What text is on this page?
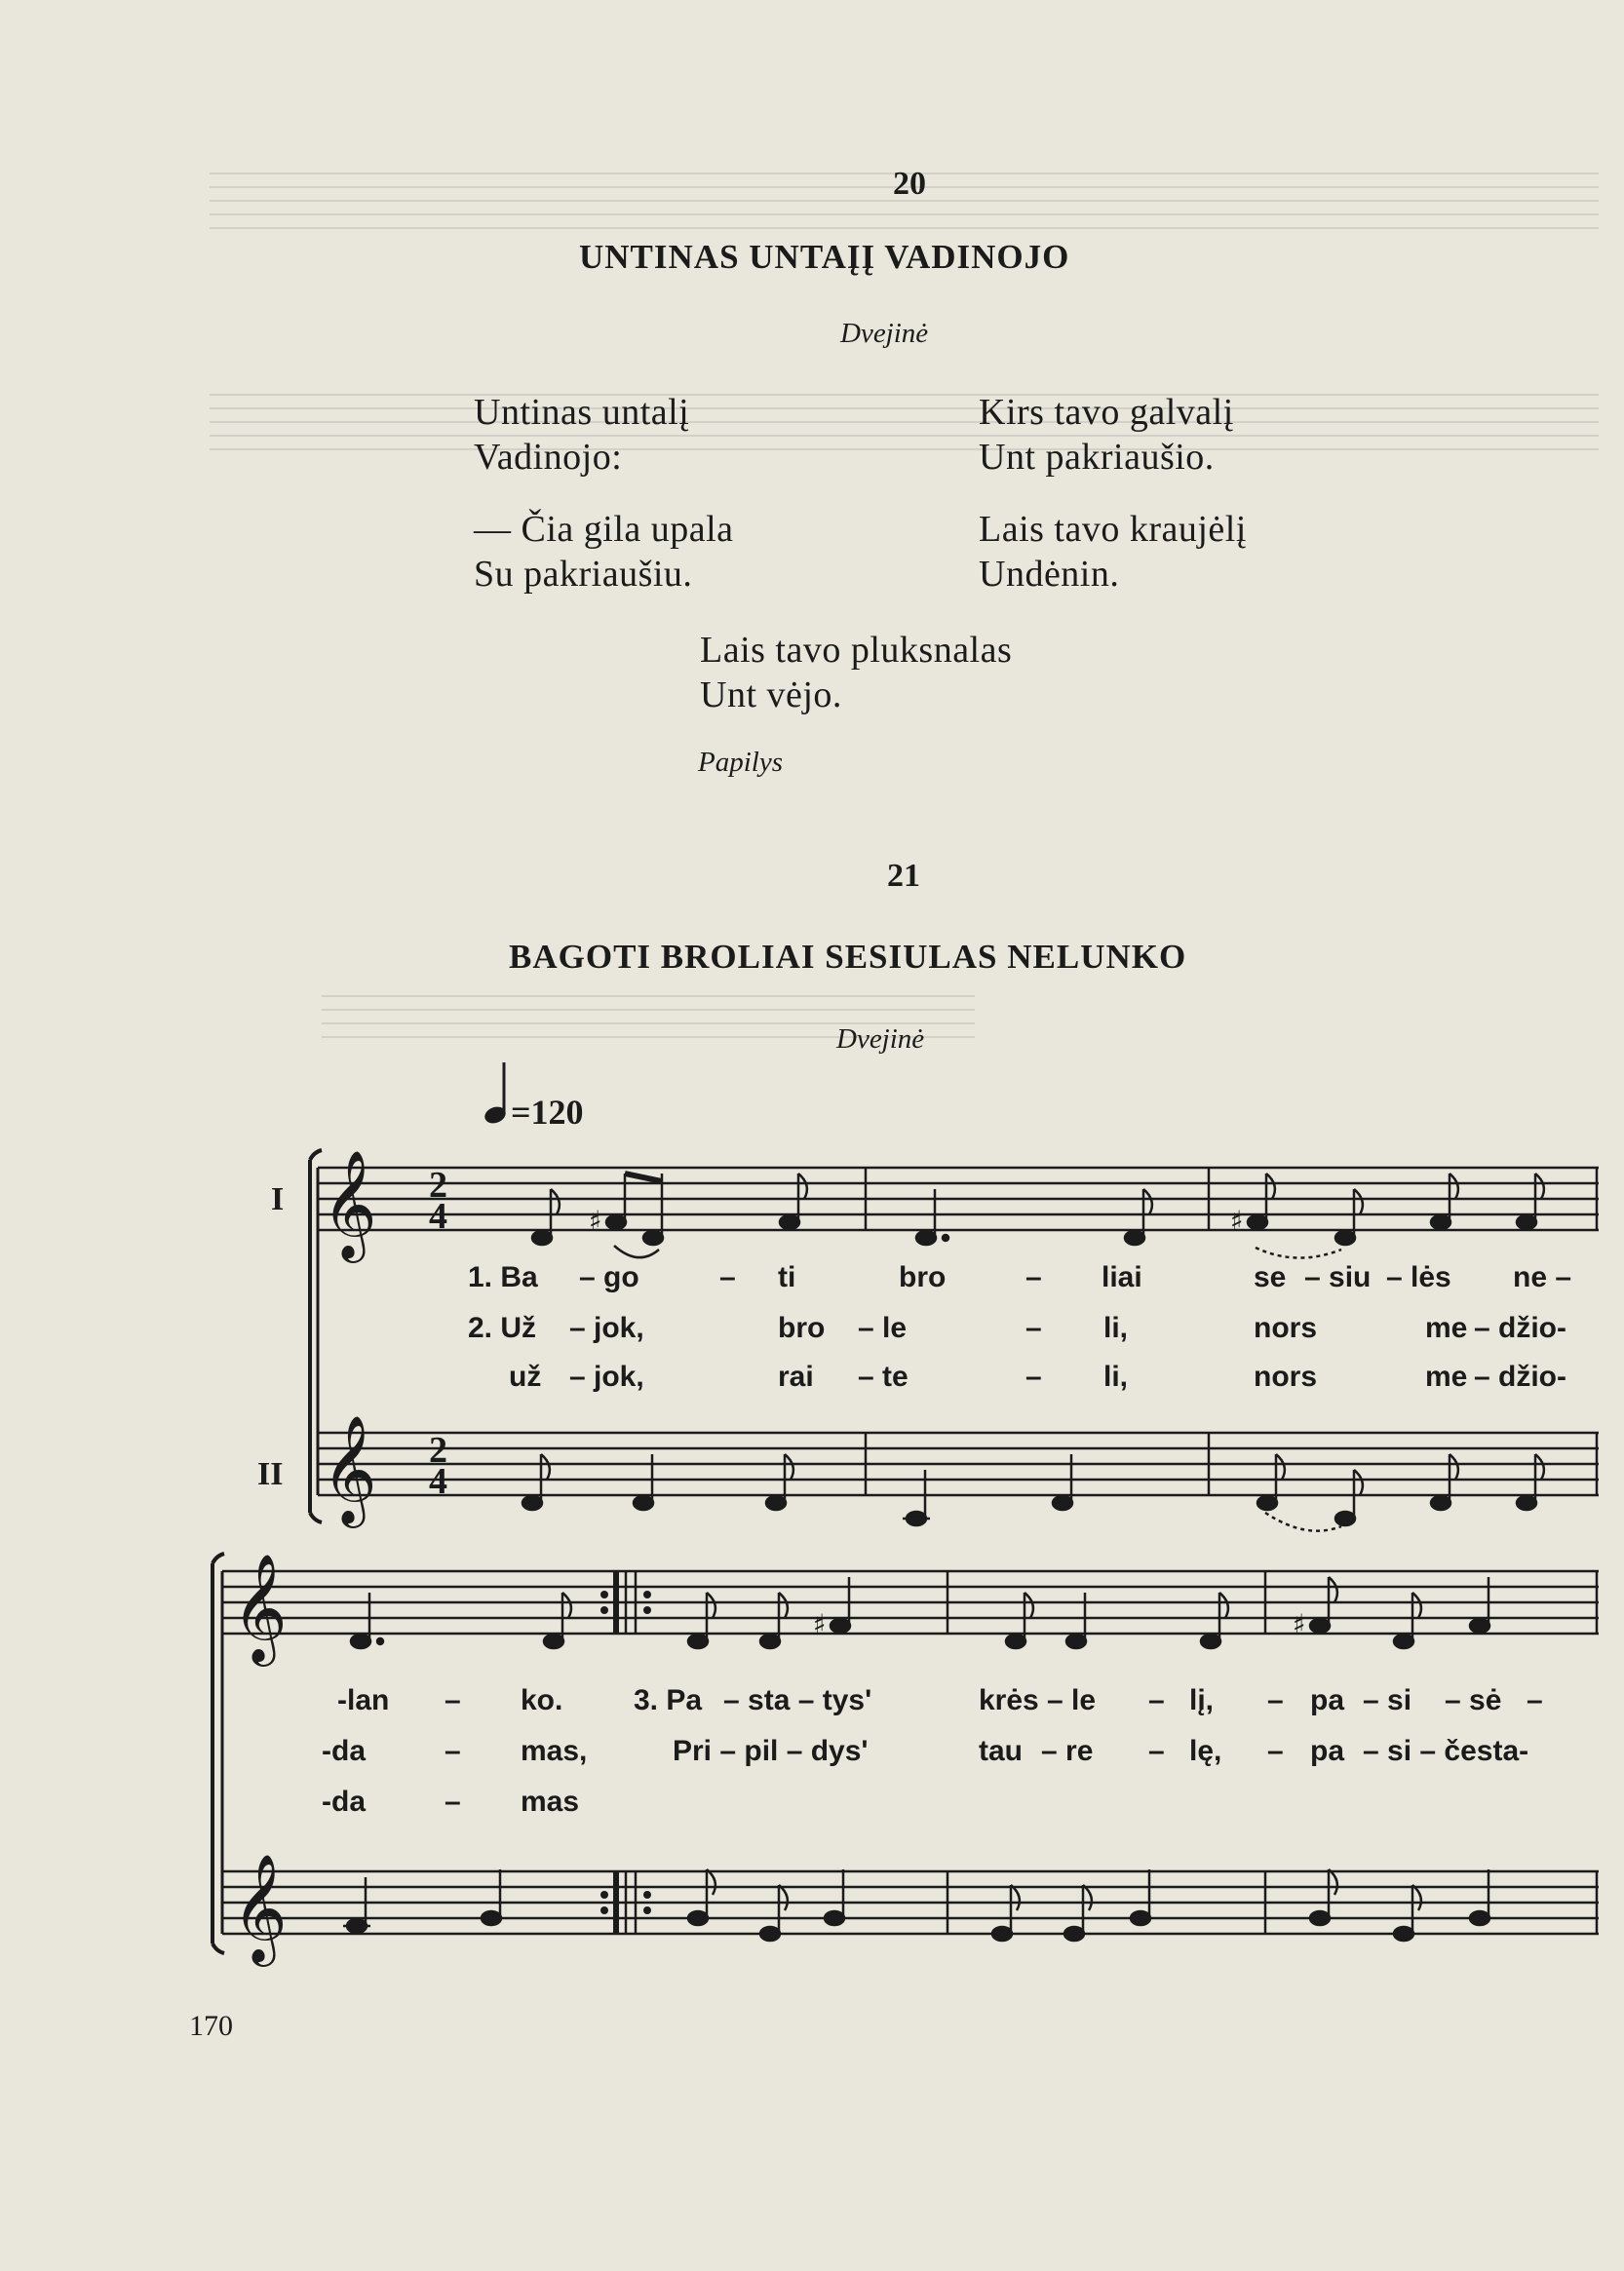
20
UNTINAS UNTAĮĮ VADINOJO
Dvejinė
Untinas untalį
Vadinojo:
Kirs tavo galvalį
Unt pakriaušio.
— Čia gila upala
Su pakriaušiu.
Lais tavo kraujėlį
Undėnin.
Lais tavo pluksnalas
Unt vėjo.
Papilys
21
BAGOTI BROLIAI SESIULAS NELUNKO
Dvejinė
=120
I
II
𝄞
𝄞
𝄞
𝄞
2
4
2
4
♯	♯
♯	♯
1. Ba – go	– ti	bro	– liai	se – siu – lės ne –
2. Už – jok,	bro – le	– li,	nors	me – džio-
už – jok,	rai – te	– li,	nors	me – džio-
-lan – ko. 3. Pa – sta – tys'	krės – le – lį, – pa – si – sė –
-da	– mas,	Pri – pil – dys'	tau – re – lę, – pa – si – česta-
-da	– mas
170
